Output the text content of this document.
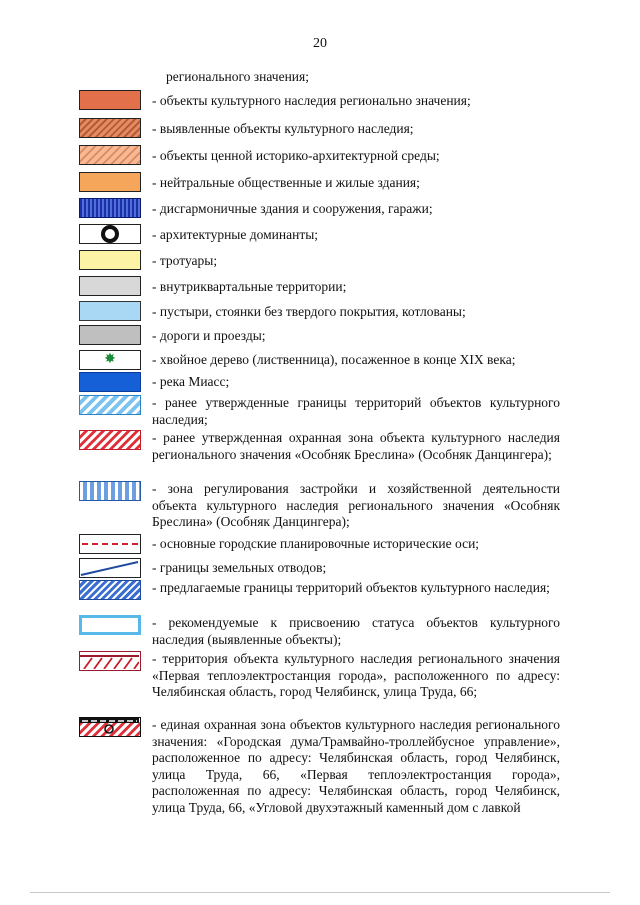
20
регионального значения;
- объекты культурного наследия регионально значения;
- выявленные объекты культурного наследия;
- объекты ценной историко-архитектурной среды;
- нейтральные общественные и жилые здания;
- дисгармоничные здания и сооружения, гаражи;
- архитектурные доминанты;
- тротуары;
- внутриквартальные территории;
- пустыри, стоянки без твердого покрытия, котлованы;
- дороги и проезды;
✸	- хвойное дерево (лиственница), посаженное в конце XIX века;
- река Миасс;
- ранее утвержденные границы территорий объектов культурного наследия;
- ранее утвержденная охранная зона объекта культурного наследия регионального значения «Особняк Бреслина» (Особняк Данцингера);
- зона регулирования застройки и хозяйственной деятельности объекта культурного наследия регионального значения «Особняк Бреслина» (Особняк Данцингера);
- основные городские планировочные исторические оси;
- границы земельных отводов;
- предлагаемые границы территорий объектов культурного наследия;
- рекомендуемые к присвоению статуса объектов культурного наследия (выявленные объекты);
- территория объекта культурного наследия регионального значения «Первая теплоэлектростанция города», расположенного по адресу: Челябинская область, город Челябинск, улица Труда, 66;
- единая охранная зона объектов культурного наследия регионального значения: «Городская дума/Трамвайно-троллейбусное управление», расположенное по адресу: Челябинская область, город Челябинск, улица Труда, 66, «Первая теплоэлектростанция города», расположенная по адресу: Челябинская область, город Челябинск, улица Труда, 66, «Угловой двухэтажный каменный дом с лавкой
